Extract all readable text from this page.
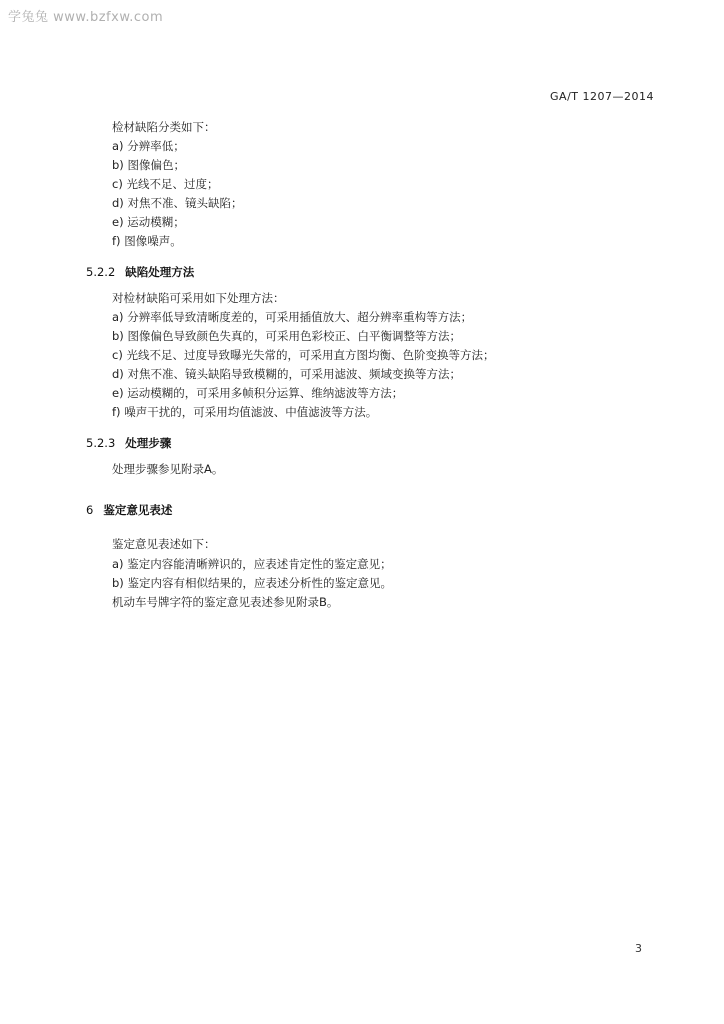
学兔兔 www.bzfxw.com
GA/T 1207—2014
检材缺陷分类如下：
a) 分辨率低；
b) 图像偏色；
c) 光线不足、过度；
d) 对焦不准、镜头缺陷；
e) 运动模糊；
f) 图像噪声。
5.2.2 缺陷处理方法
对检材缺陷可采用如下处理方法：
a) 分辨率低导致清晰度差的，可采用插值放大、超分辨率重构等方法；
b) 图像偏色导致颜色失真的，可采用色彩校正、白平衡调整等方法；
c) 光线不足、过度导致曝光失常的，可采用直方图均衡、色阶变换等方法；
d) 对焦不准、镜头缺陷导致模糊的，可采用滤波、频域变换等方法；
e) 运动模糊的，可采用多帧积分运算、维纳滤波等方法；
f) 噪声干扰的，可采用均值滤波、中值滤波等方法。
5.2.3 处理步骤
处理步骤参见附录A。
6 鉴定意见表述
鉴定意见表述如下：
a) 鉴定内容能清晰辨识的，应表述肯定性的鉴定意见；
b) 鉴定内容有相似结果的，应表述分析性的鉴定意见。
机动车号牌字符的鉴定意见表述参见附录B。
3
